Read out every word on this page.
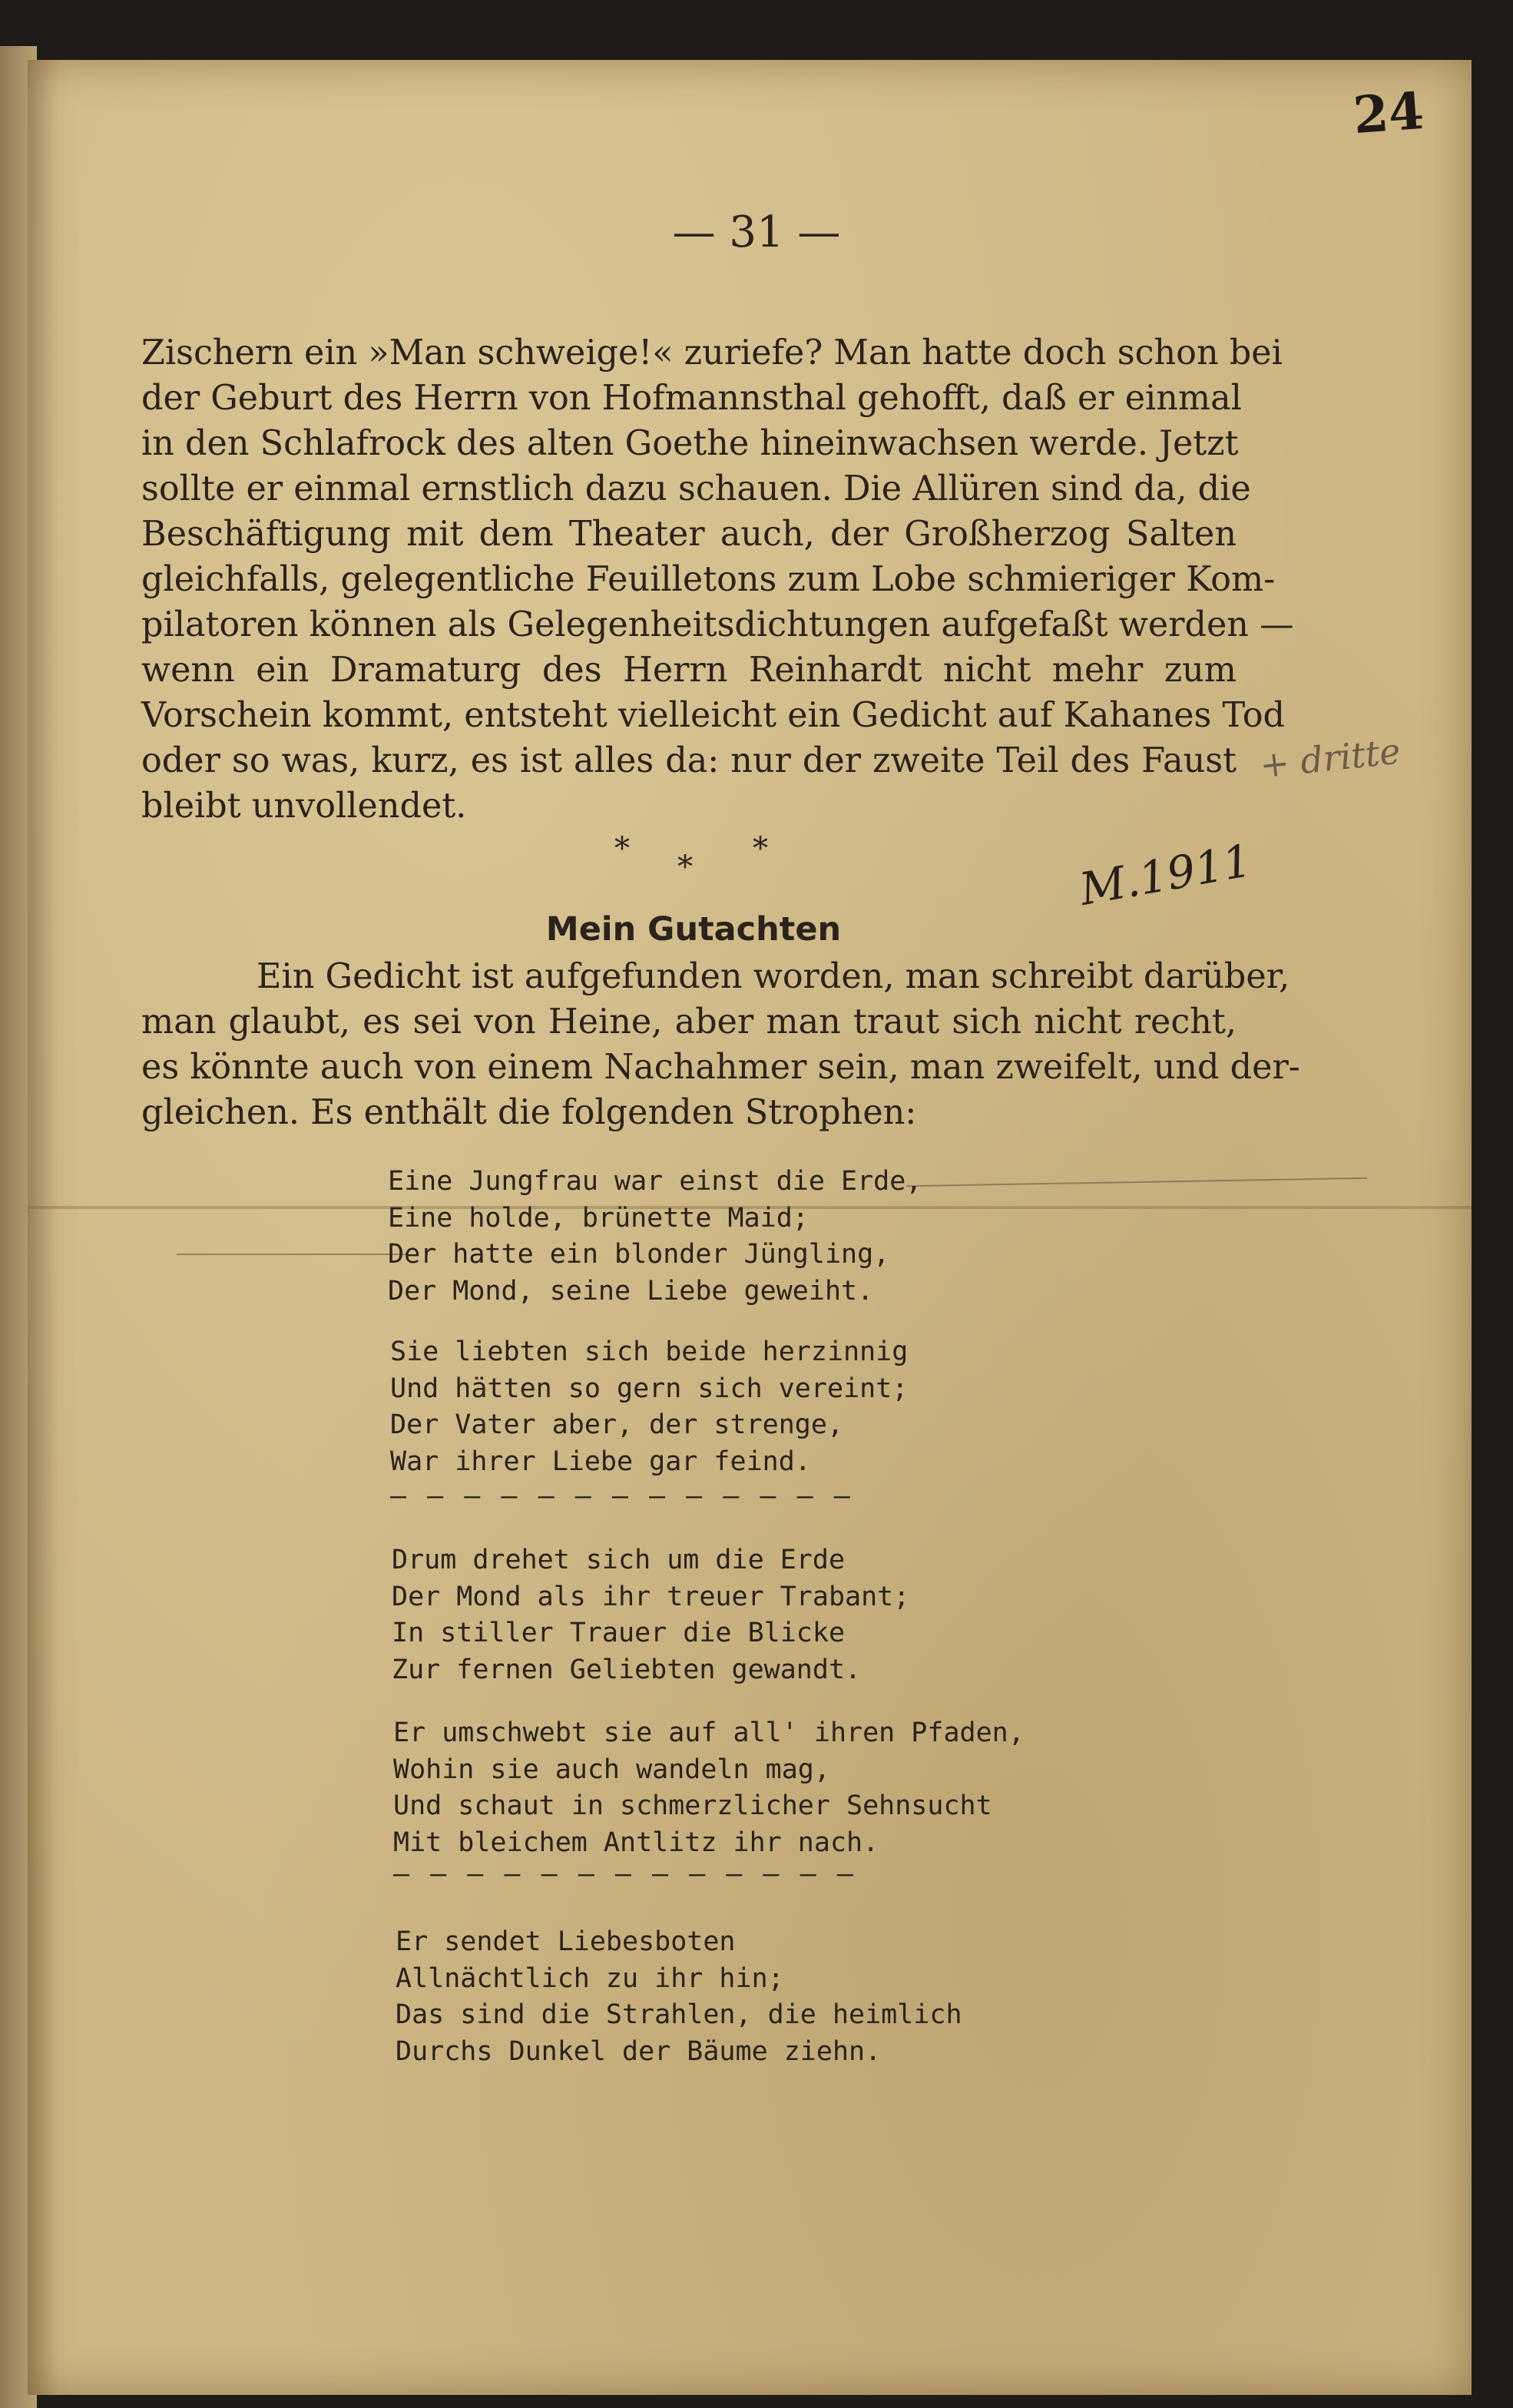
24
— 31 —
Zischern ein »Man schweige!« zuriefe? Man hatte doch schon bei
der Geburt des Herrn von Hofmannsthal gehofft, daß er einmal
in den Schlafrock des alten Goethe hineinwachsen werde. Jetzt
sollte er einmal ernstlich dazu schauen. Die Allüren sind da, die
Beschäftigung mit dem Theater auch, der Großherzog Salten
gleichfalls, gelegentliche Feuilletons zum Lobe schmieriger Kom-
pilatoren können als Gelegenheitsdichtungen aufgefaßt werden —
wenn ein Dramaturg des Herrn Reinhardt nicht mehr zum
Vorschein kommt, entsteht vielleicht ein Gedicht auf Kahanes Tod
oder so was, kurz, es ist alles da: nur der zweite Teil des Faust
bleibt unvollendet.
+ dritte
*
*
*	M.1911
Mein Gutachten
Ein Gedicht ist aufgefunden worden, man schreibt darüber,
man glaubt, es sei von Heine, aber man traut sich nicht recht,
es könnte auch von einem Nachahmer sein, man zweifelt, und der-
gleichen. Es enthält die folgenden Strophen:
Eine Jungfrau war einst die Erde,
Eine holde, brünette Maid;
Der hatte ein blonder Jüngling,
Der Mond, seine Liebe geweiht.
Sie liebten sich beide herzinnig
Und hätten so gern sich vereint;
Der Vater aber, der strenge,
War ihrer Liebe gar feind.
— — — — — — — — — — — — —
Drum drehet sich um die Erde
Der Mond als ihr treuer Trabant;
In stiller Trauer die Blicke
Zur fernen Geliebten gewandt.
Er umschwebt sie auf all' ihren Pfaden,
Wohin sie auch wandeln mag,
Und schaut in schmerzlicher Sehnsucht
Mit bleichem Antlitz ihr nach.
— — — — — — — — — — — — —
Er sendet Liebesboten
Allnächtlich zu ihr hin;
Das sind die Strahlen, die heimlich
Durchs Dunkel der Bäume ziehn.
